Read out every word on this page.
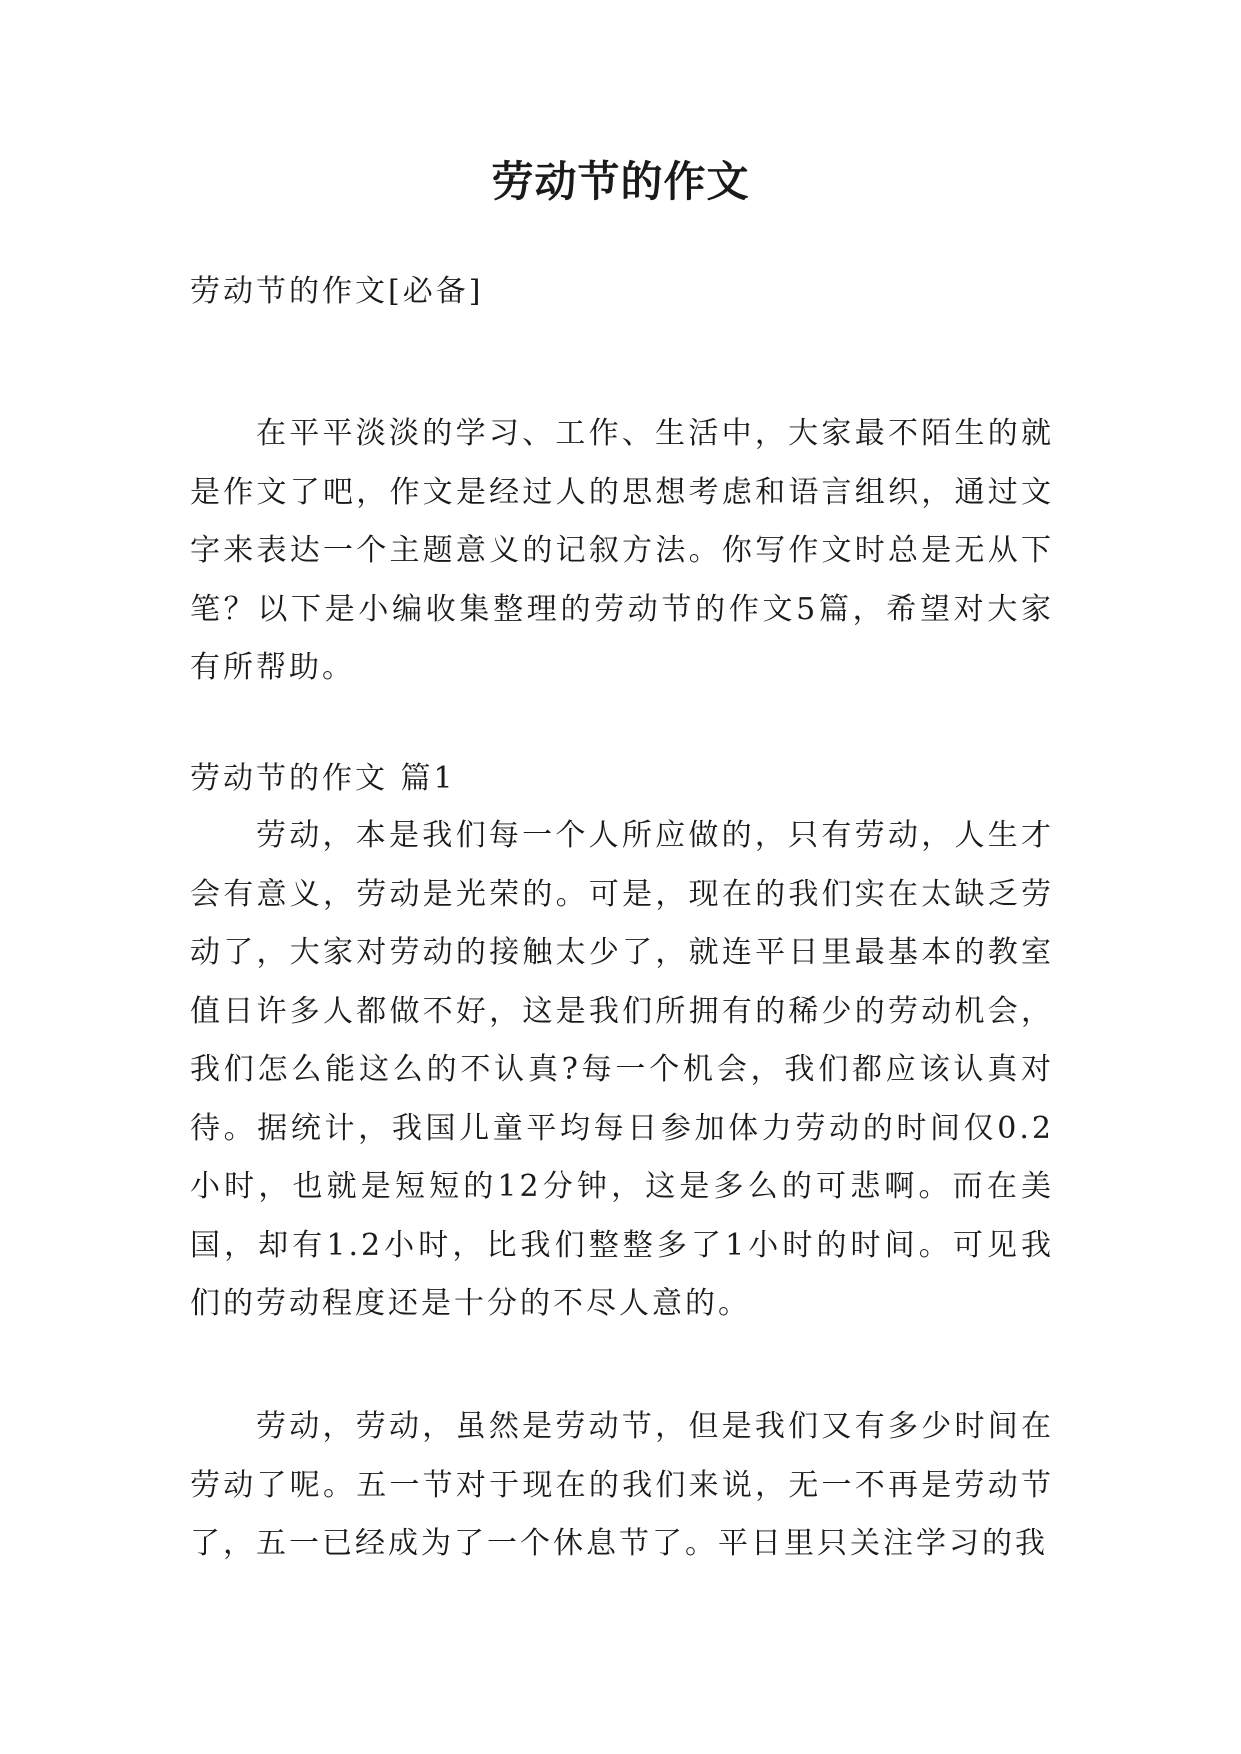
劳动节的作文

劳动节的作文[必备]

在平平淡淡的学习、工作、生活中，大家最不陌生的就是作文了吧，作文是经过人的思想考虑和语言组织，通过文字来表达一个主题意义的记叙方法。你写作文时总是无从下笔？以下是小编收集整理的劳动节的作文5篇，希望对大家有所帮助。

劳动节的作文 篇1

劳动，本是我们每一个人所应做的，只有劳动，人生才会有意义，劳动是光荣的。可是，现在的我们实在太缺乏劳动了，大家对劳动的接触太少了，就连平日里最基本的教室值日许多人都做不好，这是我们所拥有的稀少的劳动机会，我们怎么能这么的不认真?每一个机会，我们都应该认真对待。据统计，我国儿童平均每日参加体力劳动的时间仅0.2小时，也就是短短的12分钟，这是多么的可悲啊。而在美国，却有1.2小时，比我们整整多了1小时的时间。可见我们的劳动程度还是十分的不尽人意的。

劳动，劳动，虽然是劳动节，但是我们又有多少时间在劳动了呢。五一节对于现在的我们来说，无一不再是劳动节了，五一已经成为了一个休息节了。平日里只关注学习的我
